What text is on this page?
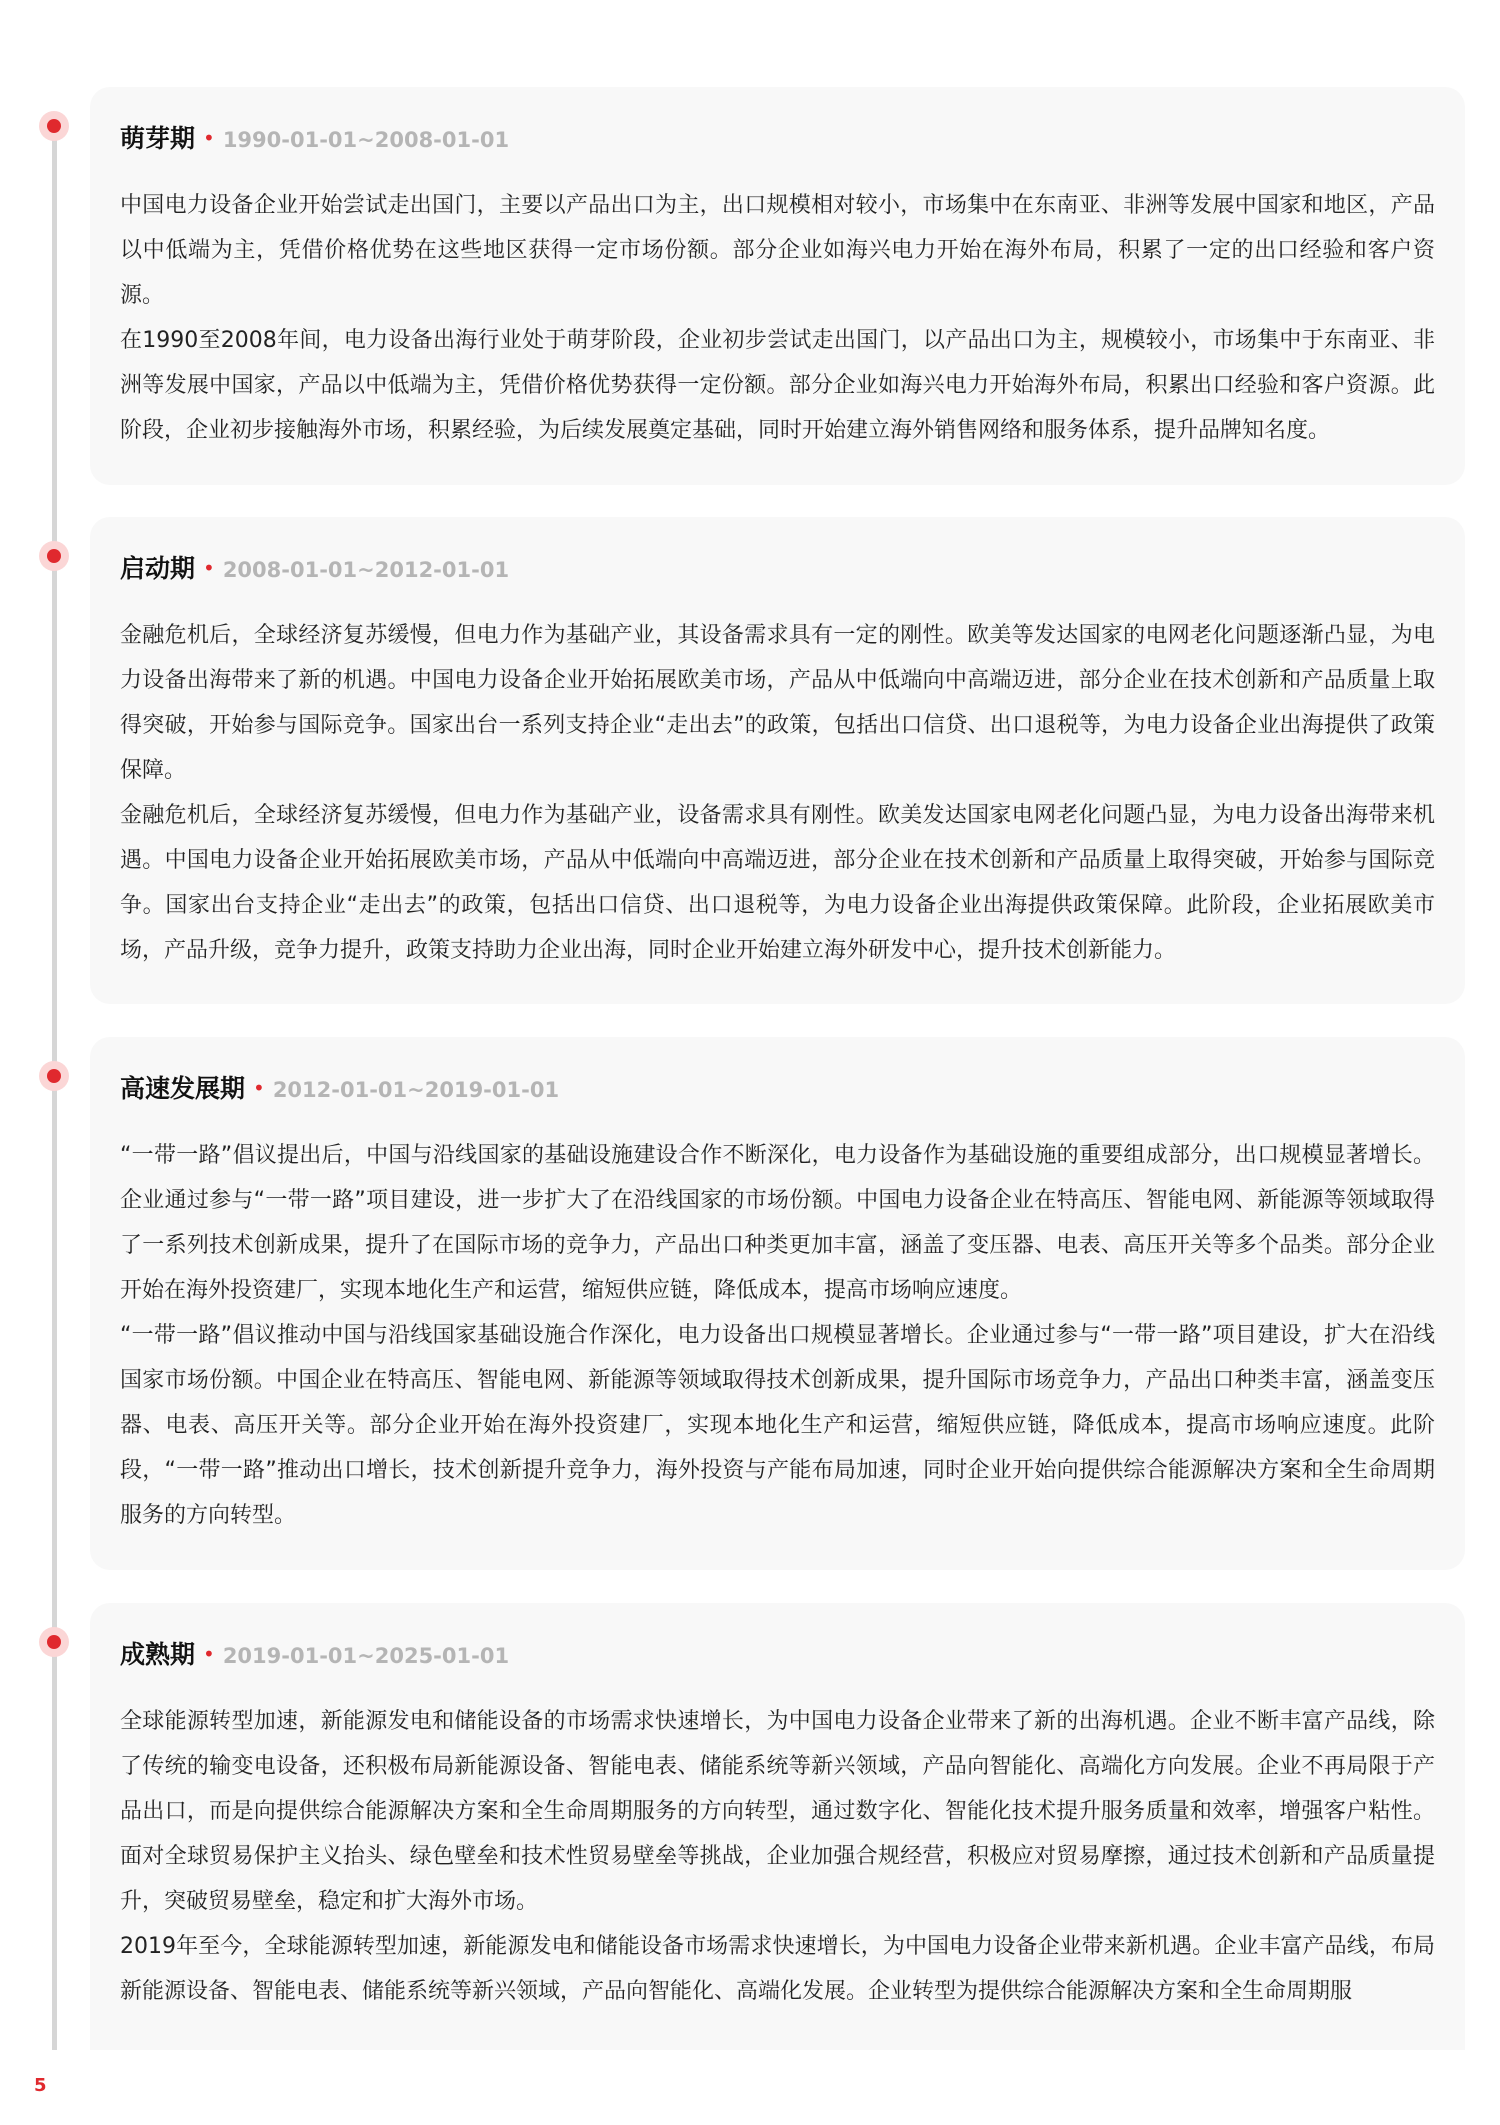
萌芽期 • 1990-01-01~2008-01-01

中国电力设备企业开始尝试走出国门，主要以产品出口为主，出口规模相对较小，市场集中在东南亚、非洲等发展中国家和地区，产品以中低端为主，凭借价格优势在这些地区获得一定市场份额。部分企业如海兴电力开始在海外布局，积累了一定的出口经验和客户资源。

在1990至2008年间，电力设备出海行业处于萌芽阶段，企业初步尝试走出国门，以产品出口为主，规模较小，市场集中于东南亚、非洲等发展中国家，产品以中低端为主，凭借价格优势获得一定份额。部分企业如海兴电力开始海外布局，积累出口经验和客户资源。此阶段，企业初步接触海外市场，积累经验，为后续发展奠定基础，同时开始建立海外销售网络和服务体系，提升品牌知名度。

启动期 • 2008-01-01~2012-01-01

金融危机后，全球经济复苏缓慢，但电力作为基础产业，其设备需求具有一定的刚性。欧美等发达国家的电网老化问题逐渐凸显，为电力设备出海带来了新的机遇。中国电力设备企业开始拓展欧美市场，产品从中低端向中高端迈进，部分企业在技术创新和产品质量上取得突破，开始参与国际竞争。国家出台一系列支持企业“走出去”的政策，包括出口信贷、出口退税等，为电力设备企业出海提供了政策保障。

金融危机后，全球经济复苏缓慢，但电力作为基础产业，设备需求具有刚性。欧美发达国家电网老化问题凸显，为电力设备出海带来机遇。中国电力设备企业开始拓展欧美市场，产品从中低端向中高端迈进，部分企业在技术创新和产品质量上取得突破，开始参与国际竞争。国家出台支持企业“走出去”的政策，包括出口信贷、出口退税等，为电力设备企业出海提供政策保障。此阶段，企业拓展欧美市场，产品升级，竞争力提升，政策支持助力企业出海，同时企业开始建立海外研发中心，提升技术创新能力。

高速发展期 • 2012-01-01~2019-01-01

“一带一路”倡议提出后，中国与沿线国家的基础设施建设合作不断深化，电力设备作为基础设施的重要组成部分，出口规模显著增长。企业通过参与“一带一路”项目建设，进一步扩大了在沿线国家的市场份额。中国电力设备企业在特高压、智能电网、新能源等领域取得了一系列技术创新成果，提升了在国际市场的竞争力，产品出口种类更加丰富，涵盖了变压器、电表、高压开关等多个品类。部分企业开始在海外投资建厂，实现本地化生产和运营，缩短供应链，降低成本，提高市场响应速度。

“一带一路”倡议推动中国与沿线国家基础设施合作深化，电力设备出口规模显著增长。企业通过参与“一带一路”项目建设，扩大在沿线国家市场份额。中国企业在特高压、智能电网、新能源等领域取得技术创新成果，提升国际市场竞争力，产品出口种类丰富，涵盖变压器、电表、高压开关等。部分企业开始在海外投资建厂，实现本地化生产和运营，缩短供应链，降低成本，提高市场响应速度。此阶段，“一带一路”推动出口增长，技术创新提升竞争力，海外投资与产能布局加速，同时企业开始向提供综合能源解决方案和全生命周期服务的方向转型。

成熟期 • 2019-01-01~2025-01-01

全球能源转型加速，新能源发电和储能设备的市场需求快速增长，为中国电力设备企业带来了新的出海机遇。企业不断丰富产品线，除了传统的输变电设备，还积极布局新能源设备、智能电表、储能系统等新兴领域，产品向智能化、高端化方向发展。企业不再局限于产品出口，而是向提供综合能源解决方案和全生命周期服务的方向转型，通过数字化、智能化技术提升服务质量和效率，增强客户粘性。面对全球贸易保护主义抬头、绿色壁垒和技术性贸易壁垒等挑战，企业加强合规经营，积极应对贸易摩擦，通过技术创新和产品质量提升，突破贸易壁垒，稳定和扩大海外市场。

2019年至今，全球能源转型加速，新能源发电和储能设备市场需求快速增长，为中国电力设备企业带来新机遇。企业丰富产品线，布局新能源设备、智能电表、储能系统等新兴领域，产品向智能化、高端化发展。企业转型为提供综合能源解决方案和全生命周期服

5
